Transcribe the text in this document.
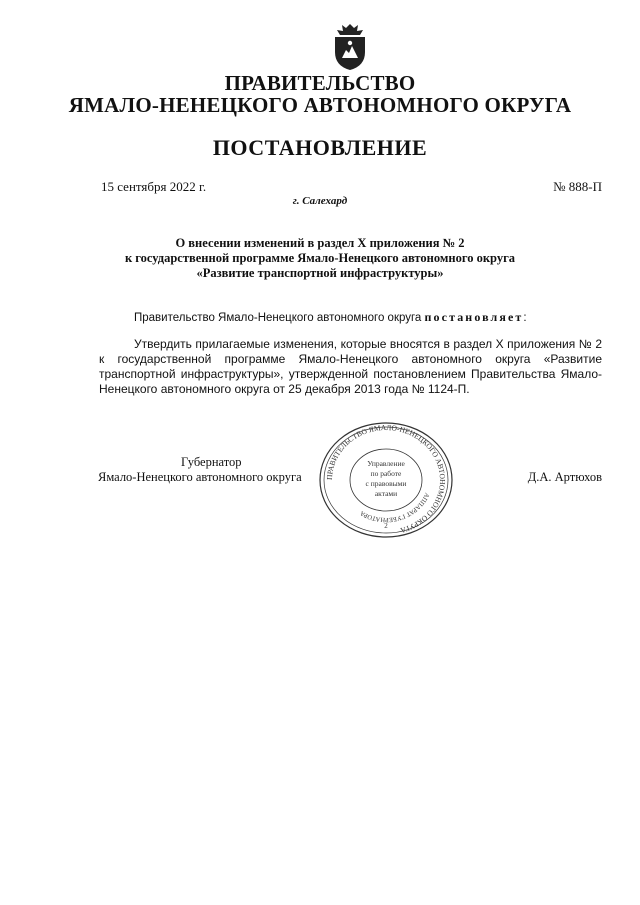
ПРАВИТЕЛЬСТВО
ЯМАЛО-НЕНЕЦКОГО АВТОНОМНОГО ОКРУГА
ПОСТАНОВЛЕНИЕ
15 сентября 2022 г.	№ 888-П
г. Салехард
О внесении изменений в раздел X приложения № 2
к государственной программе Ямало-Ненецкого автономного округа
«Развитие транспортной инфраструктуры»
Правительство Ямало-Ненецкого автономного округа постановляет:
Утвердить прилагаемые изменения, которые вносятся в раздел X приложения № 2 к государственной программе Ямало-Ненецкого автономного округа «Развитие транспортной инфраструктуры», утвержденной постановлением Правительства Ямало-Ненецкого автономного округа от 25 декабря 2013 года № 1124-П.
Губернатор
Ямало-Ненецкого автономного округа	Д.А. Артюхов
ПРАВИТЕЛЬСТВО ЯМАЛО-НЕНЕЦКОГО АВТОНОМНОГО ОКРУГА
АППАРАТ ГУБЕРНАТОРА
Управление
по работе
с правовыми
актами
2
